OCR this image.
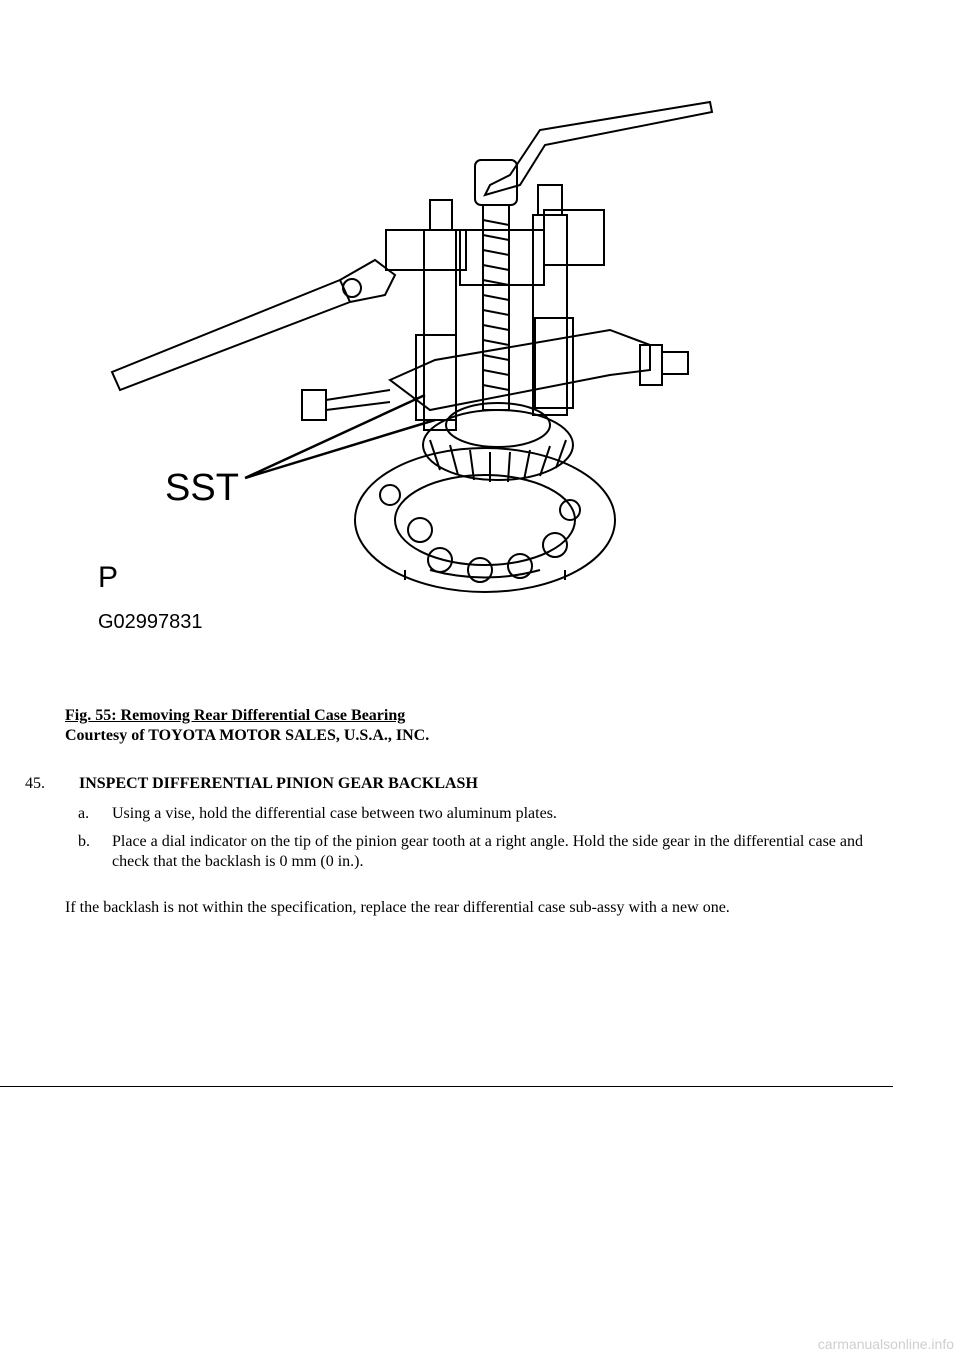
SST
P
G02997831
Fig. 55: Removing Rear Differential Case Bearing
Courtesy of TOYOTA MOTOR SALES, U.S.A., INC.
45. INSPECT DIFFERENTIAL PINION GEAR BACKLASH
a. Using a vise, hold the differential case between two aluminum plates.
b. Place a dial indicator on the tip of the pinion gear tooth at a right angle. Hold the side gear in the differential case and check that the backlash is 0 mm (0 in.).
If the backlash is not within the specification, replace the rear differential case sub-assy with a new one.
carmanualsonline.info
